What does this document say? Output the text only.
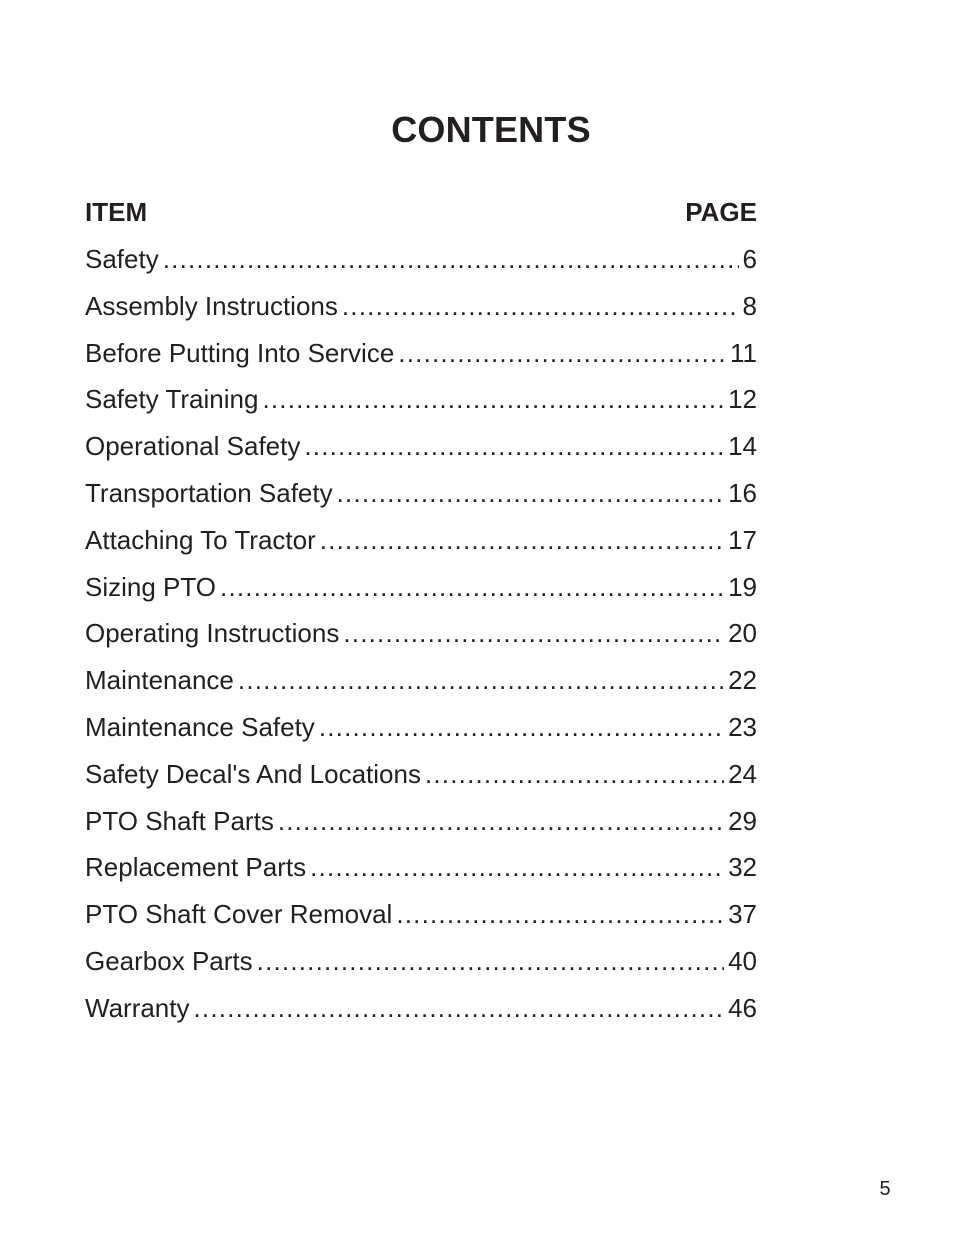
CONTENTS
ITEM	PAGE
Safety .....	6
Assembly Instructions .....	8
Before Putting Into Service .....	11
Safety Training .....	12
Operational Safety .....	14
Transportation Safety .....	16
Attaching To Tractor .....	17
Sizing PTO .....	19
Operating Instructions .....	20
Maintenance .....	22
Maintenance Safety .....	23
Safety Decal's And Locations .....	24
PTO Shaft Parts .....	29
Replacement Parts .....	32
PTO Shaft Cover Removal .....	37
Gearbox Parts .....	40
Warranty .....	46
5
